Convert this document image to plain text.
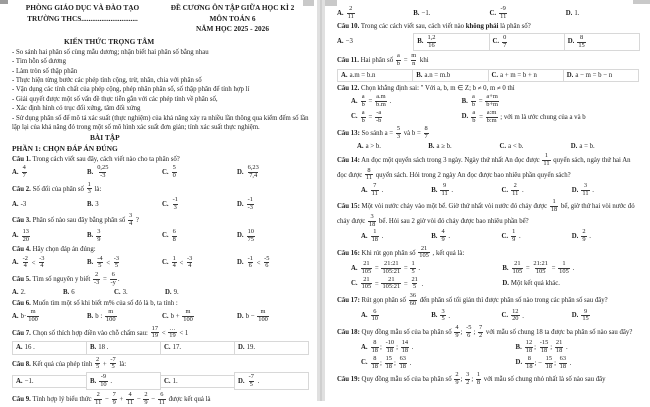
PHÒNG GIÁO DỤC VÀ ĐÀO TẠO
TRƯỜNG THCS...............................
ĐỀ CƯƠNG ÔN TẬP GIỮA HỌC KÌ 2
MÔN TOÁN 6
NĂM HỌC 2025 - 2026
KIẾN THỨC TRỌNG TÂM
- So sánh hai phân số cùng mẫu dương; nhận biết hai phân số bằng nhau
- Tìm hỗn số dương
- Làm tròn số thập phân
- Thực hiện từng bước các phép tính cộng, trừ, nhân, chia với phân số
- Vận dụng các tính chất của phép cộng, phép nhân phân số, số thập phân để tính hợp lí
- Giải quyết được một số vấn đề thực tiễn gắn với các phép tính về phân số,
- Xác định hình có trục đối xứng, tâm đối xứng
- Sử dụng phân số để mô tả xác suất (thực nghiệm) của khả năng xảy ra nhiều lần thông qua kiểm đếm số lần lặp lại của khả năng đó trong một số mô hình xác suất đơn giản; tính xác suất thực nghiệm.
BÀI TẬP
PHẦN 1: CHỌN ĐÁP ÁN ĐÚNG
Câu 1. Trong cách viết sau đây, cách viết nào cho ta phân số?
A. $\frac{4}{7}$	B. $\frac{0,25}{-3}$	C. $\frac{5}{0}$	D. $\frac{6,23}{7,4}$
Câu 2. Số đối của phân số $\frac{1}{3}$ là:
A. -3	B. 3	C. $\frac{-1}{3}$	D. $\frac{-1}{-3}$
Câu 3. Phân số nào sau đây bằng phân số $\frac{3}{4}$ ?
A. $\frac{13}{20}$	B. $\frac{3}{9}$	C. $\frac{6}{8}$	D. $\frac{10}{75}$
Câu 4. Hãy chọn đáp án đúng:
A. $\frac{-2}{4} < \frac{-3}{4}$	B. $\frac{-4}{5} < \frac{-3}{5}$	C. $\frac{1}{4} < \frac{-3}{4}$	D. $\frac{-1}{6} < \frac{-5}{6}$
Câu 5. Tìm số nguyên y biết $\frac{2}{-3} = \frac{6}{-y}$ .
A. 2.	B. 6	C. 3.	D. 9.
Câu 6. Muốn tìm một số khi biết m% của số đó là b, ta tính :
A. $b\cdot \frac{m}{100}$	B. b : $\frac{m}{100}$	C. $b + \frac{m}{100}$	D. $b - \frac{m}{100}$
Câu 7. Chọn số thích hợp điền vào chỗ chấm sau: $\frac{17}{19} < \frac{\dots}{19} < 1$
A. 16 .	B. 18 .	C. 17.	D. 19.
Câu 8. Kết quả của phép tính $\frac{2}{5} + \frac{-7}{5}$ là:
A. −1.	B. $\frac{-9}{10}$ .	C. 1.	D. $\frac{-7}{5}$ .
Câu 9. Tính hợp lý biểu thức $\frac{2}{11} - \frac{7}{9} + \frac{4}{11} - \frac{2}{9} - \frac{6}{11}$ được kết quả là
A. $\frac{2}{11}$	B. −1.	C. $\frac{-9}{11}$	D. 1.
Câu 10. Trong các cách viết sau, cách viết nào không phải là phân số?
A. −3	B. $\frac{1,2}{16}$	C. $\frac{0}{7}$	D. $\frac{8}{15}$
Câu 11. Hai phân số $\frac{a}{b} = \frac{m}{n}$ khi
A. a.m = b.n	B. a.n = m.b	C. a + m = b + n	D. a − m = b − n
Câu 12. Chọn khẳng định sai: " Với a, b, m ∈ Z; b ≠ 0, m ≠ 0 thì
A. $\frac{a}{b} = \frac{a.m}{b.m}$ .	B. $\frac{a}{b} = \frac{a+m}{b+m}$
C. $\frac{a}{b} = \frac{-a}{-b}$	D. $\frac{a}{b} = \frac{a:m}{b:m}$ ; với m là ước chung của a và b
Câu 13: So sánh $a = \frac{5}{3}$ và $b = \frac{8}{7}$
A. a > b.	B. a ≥ b.	C. a < b.	D. a = b.
Câu 14: An đọc một quyển sách trong 3 ngày. Ngày thứ nhất An đọc được $\frac{1}{11}$ quyển sách, ngày thứ hai An đọc được $\frac{8}{11}$ quyển sách. Hỏi trong 2 ngày An đọc được bao nhiêu phần quyển sách?
A. $\frac{7}{11}$ .	B. $\frac{9}{11}$ .	C. $\frac{2}{11}$ .	D. $\frac{3}{11}$ .
Câu 15: Một vòi nước chảy vào một bể. Giờ thứ nhất vòi nước đó chảy được $\frac{1}{18}$ bể, giờ thứ hai vòi nước đó chảy được $\frac{3}{18}$ bể. Hỏi sau 2 giờ vòi đó chảy được bao nhiêu phần bể?
A. $\frac{1}{18}$ .	B. $\frac{4}{9}$ .	C. $\frac{1}{9}$ .	D. $\frac{2}{9}$ .
Câu 16: Khi rút gọn phân số $\frac{21}{105}$ , kết quả là:
A. $\frac{21}{105} = \frac{21:21}{105:21} = \frac{1}{5}$ .	B. $\frac{21}{105} = \frac{21:21}{105} = \frac{1}{105}$ .
C. $\frac{21}{105} = \frac{21}{105:21} = \frac{21}{5}$ .	D. Một kết quả khác.
Câu 17: Rút gọn phân số $\frac{36}{60}$ đến phân số tối giản thì được phân số nào trong các phân số sau đây?
A. $\frac{6}{10}$	B. $\frac{3}{5}$ .	C. $\frac{12}{20}$ .	D. $\frac{9}{15}$
Câu 18: Quy đồng mẫu số của ba phân số $\frac{4}{9}$ ; $\frac{-5}{6}$ ; $\frac{7}{2}$ với mẫu số chung 18 ta được ba phân số nào sau đây?
A. $\frac{8}{18}$ ; $\frac{-10}{18}$ ; $\frac{14}{18}$ .	B. $\frac{12}{18}$ ; $\frac{-15}{18}$ ; $\frac{21}{18}$ .
C. $\frac{8}{18}$ ; $\frac{15}{18}$ ; $\frac{63}{18}$ .	D. $\frac{8}{18}$ ; − $\frac{15}{18}$ ; $\frac{63}{18}$ .
Câu 19: Quy đồng mẫu số của ba phân số $\frac{2}{9}$ ; $\frac{3}{2}$ ; $\frac{1}{8}$ với mẫu số chung nhỏ nhất là số nào sau đây
